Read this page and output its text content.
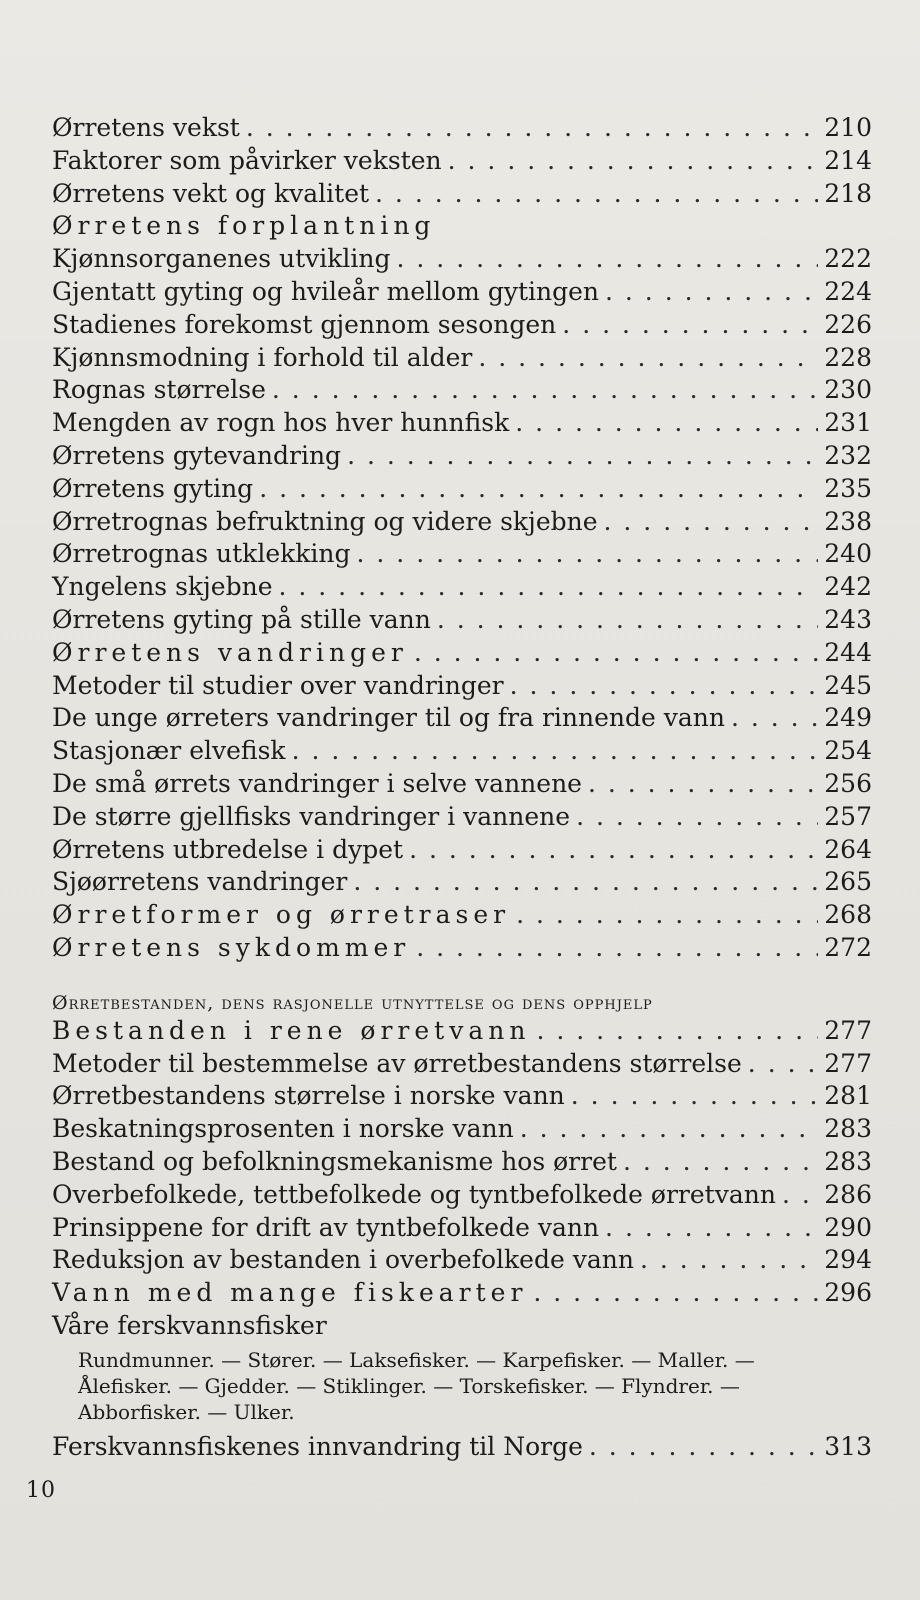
Ørretens vekst . . .	210
Faktorer som påvirker veksten . . .	214
Ørretens vekt og kvalitet . . .	218
Ørretens forplantning
Kjønnsorganenes utvikling . . .	222
Gjentatt gyting og hvileår mellom gytingen . . .	224
Stadienes forekomst gjennom sesongen . . .	226
Kjønnsmodning i forhold til alder . . .	228
Rognas størrelse . . .	230
Mengden av rogn hos hver hunnfisk . . .	231
Ørretens gytevandring . . .	232
Ørretens gyting . . .	235
Ørretrognas befruktning og videre skjebne . . .	238
Ørretrognas utklekking . . .	240
Yngelens skjebne . . .	242
Ørretens gyting på stille vann . . .	243
Ørretens vandringer . . .	244
Metoder til studier over vandringer . . .	245
De unge ørreters vandringer til og fra rinnende vann . . .	249
Stasjonær elvefisk . . .	254
De små ørrets vandringer i selve vannene . . .	256
De større gjellfisks vandringer i vannene . . .	257
Ørretens utbredelse i dypet . . .	264
Sjøørretens vandringer . . .	265
Ørretformer og ørretraser . . .	268
Ørretens sykdommer . . .	272
Ørretbestanden, dens rasjonelle utnyttelse og dens opphjelp
Bestanden i rene ørretvann . . .	277
Metoder til bestemmelse av ørretbestandens størrelse . . .	277
Ørretbestandens størrelse i norske vann . . .	281
Beskatningsprosenten i norske vann . . .	283
Bestand og befolkningsmekanisme hos ørret . . .	283
Overbefolkede, tettbefolkede og tyntbefolkede ørretvann . . . 286
Prinsippene for drift av tyntbefolkede vann . . .	290
Reduksjon av bestanden i overbefolkede vann . . .	294
Vann med mange fiskearter . . .	296
Våre ferskvannsfisker
Rundmunner. — Stører. — Laksefisker. — Karpefisker. — Maller. — Ålefisker. — Gjedder. — Stiklinger. — Torskefisker. — Flyndrer. — Abborfisker. — Ulker.
Ferskvannsfiskenes innvandring til Norge . . .	313
10
